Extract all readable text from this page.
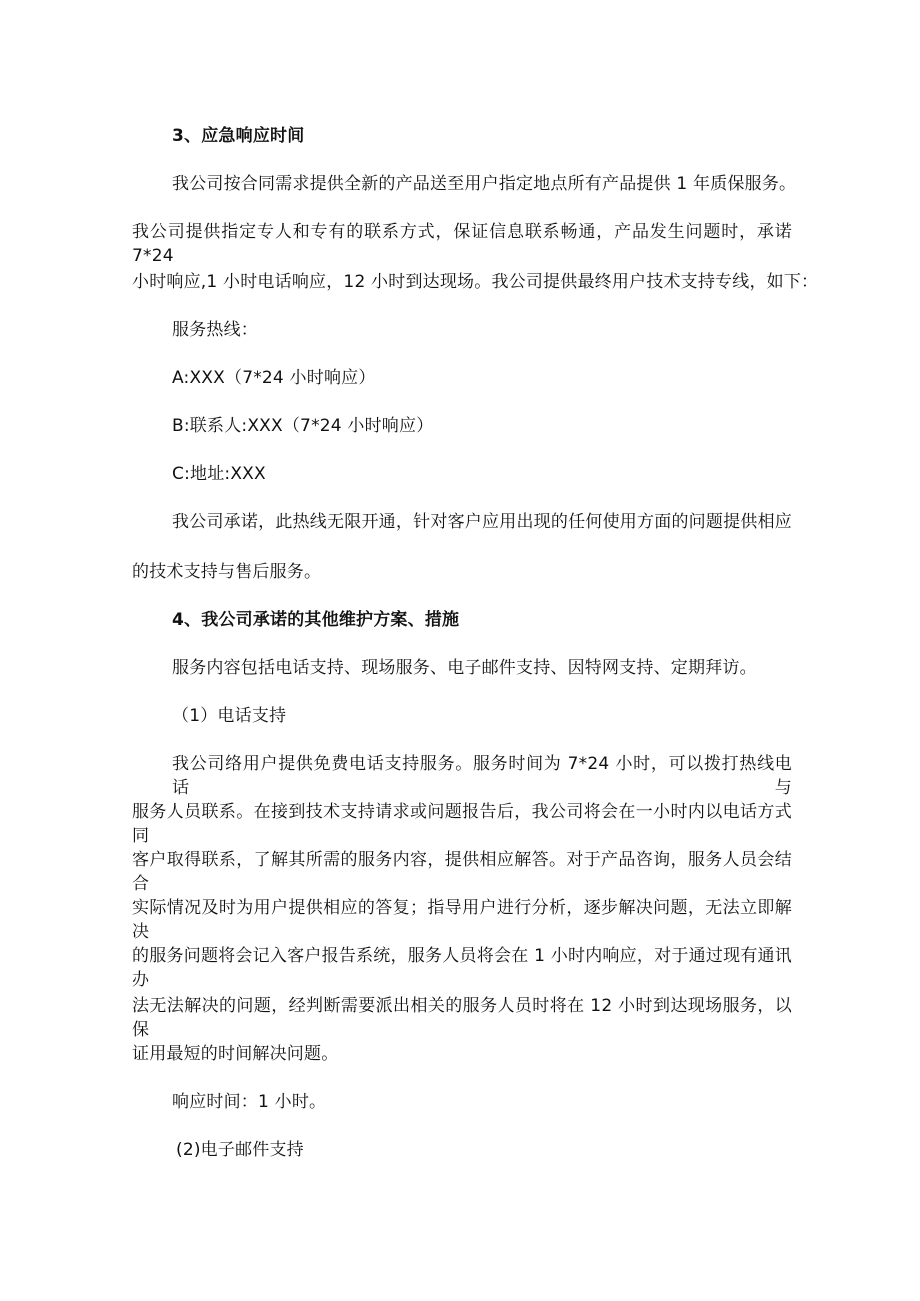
3、应急响应时间
我公司按合同需求提供全新的产品送至用户指定地点所有产品提供 1 年质保服务。
我公司提供指定专人和专有的联系方式，保证信息联系畅通，产品发生问题时，承诺 7*24
小时响应,1 小时电话响应，12 小时到达现场。我公司提供最终用户技术支持专线，如下：
服务热线：
A:XXX（7*24 小时响应）
B:联系人:XXX（7*24 小时响应）
C:地址:XXX
我公司承诺，此热线无限开通，针对客户应用出现的任何使用方面的问题提供相应
的技术支持与售后服务。
4、我公司承诺的其他维护方案、措施
服务内容包括电话支持、现场服务、电子邮件支持、因特网支持、定期拜访。
（1）电话支持
我公司络用户提供免费电话支持服务。服务时间为 7*24 小时，可以拨打热线电话与
服务人员联系。在接到技术支持请求或问题报告后，我公司将会在一小时内以电话方式同
客户取得联系，了解其所需的服务内容，提供相应解答。对于产品咨询，服务人员会结合
实际情况及时为用户提供相应的答复；指导用户进行分析，逐步解决问题，无法立即解决
的服务问题将会记入客户报告系统，服务人员将会在 1 小时内响应，对于通过现有通讯办
法无法解决的问题，经判断需要派出相关的服务人员时将在 12 小时到达现场服务，以保
证用最短的时间解决问题。
响应时间：1 小时。
(2)电子邮件支持
